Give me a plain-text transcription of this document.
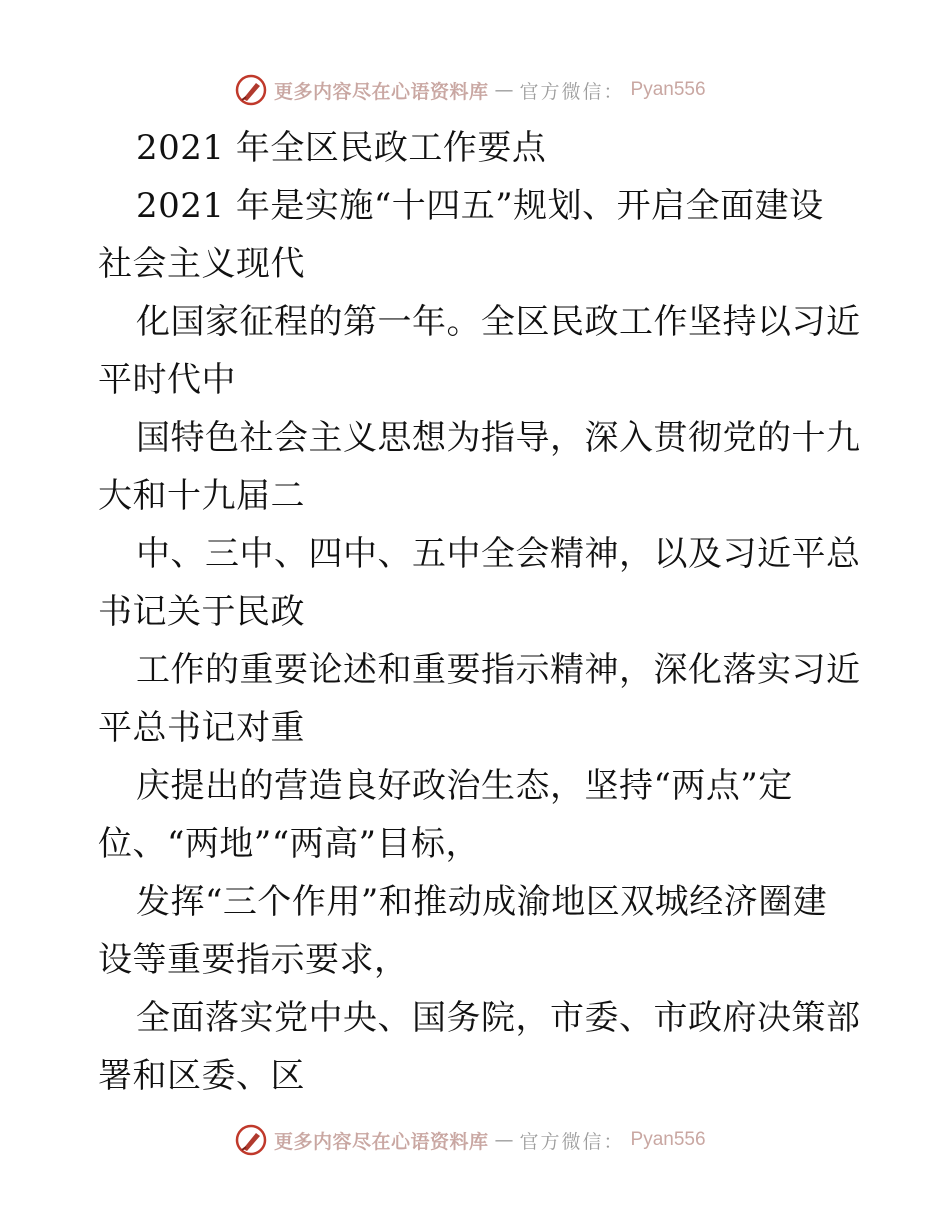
更多内容尽在心语资料库 — 官方微信： Pyan556
2021 年全区民政工作要点
2021 年是实施“十四五”规划、开启全面建设
社会主义现代
化国家征程的第一年。全区民政工作坚持以习近
平时代中
国特色社会主义思想为指导，深入贯彻党的十九
大和十九届二
中、三中、四中、五中全会精神，以及习近平总
书记关于民政
工作的重要论述和重要指示精神，深化落实习近
平总书记对重
庆提出的营造良好政治生态，坚持“两点”定
位、“两地”“两高”目标，
发挥“三个作用”和推动成渝地区双城经济圈建
设等重要指示要求，
全面落实党中央、国务院，市委、市政府决策部
署和区委、区
更多内容尽在心语资料库 — 官方微信： Pyan556
